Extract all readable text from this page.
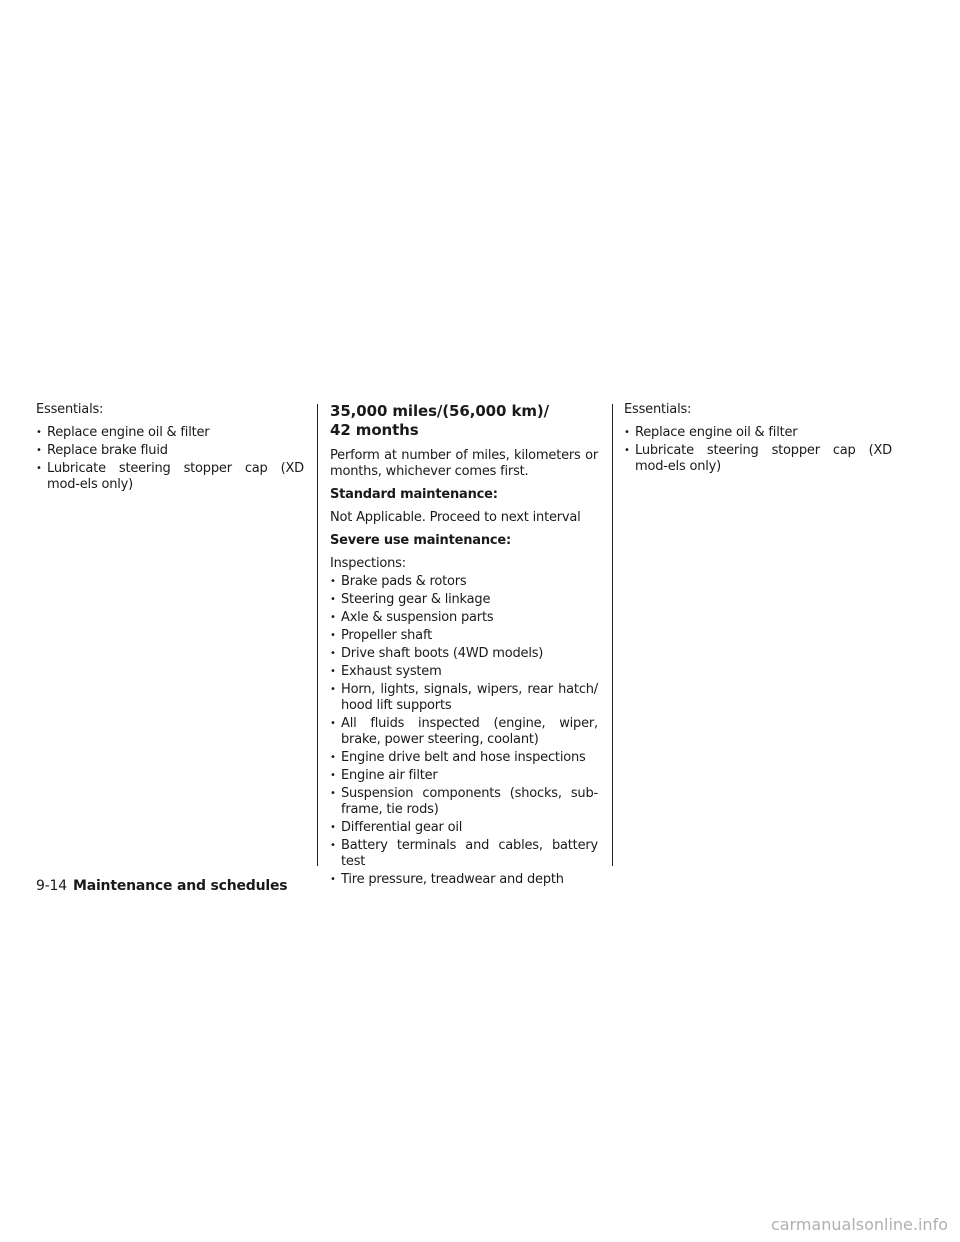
Essentials:

• Replace engine oil & filter
• Replace brake fluid
• Lubricate steering stopper cap (XD mod-els only)
35,000 miles/(56,000 km)/
42 months

Perform at number of miles, kilometers or months, whichever comes first.

Standard maintenance:

Not Applicable. Proceed to next interval

Severe use maintenance:

Inspections:

• Brake pads & rotors
• Steering gear & linkage
• Axle & suspension parts
• Propeller shaft
• Drive shaft boots (4WD models)
• Exhaust system
• Horn, lights, signals, wipers, rear hatch/ hood lift supports
• All fluids inspected (engine, wiper, brake, power steering, coolant)
• Engine drive belt and hose inspections
• Engine air filter
• Suspension components (shocks, sub-frame, tie rods)
• Differential gear oil
• Battery terminals and cables, battery test
• Tire pressure, treadwear and depth

Essentials:

• Replace engine oil & filter
• Lubricate steering stopper cap (XD mod-els only)
9-14 Maintenance and schedules
carmanualsonline.info
